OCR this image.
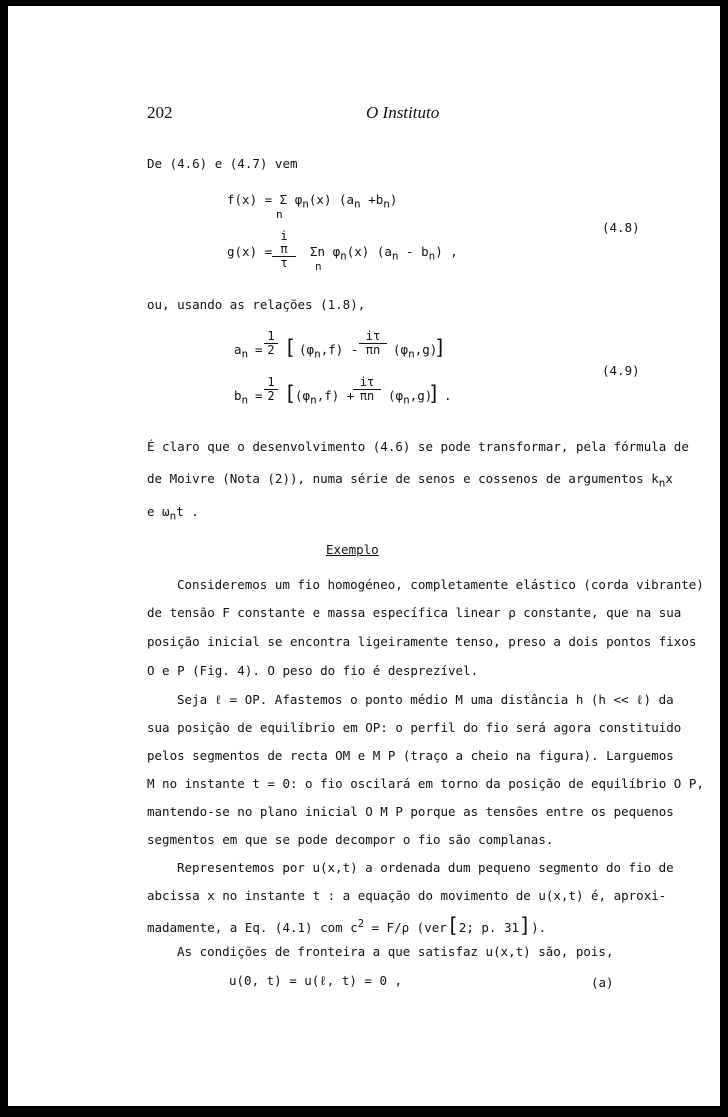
202	O Instituto
De (4.6) e (4.7) vem
f(x) = Σ $\varphi_n(x)$ $(a_n +b_n)$
n
(4.8)
$g(x) = \frac{\text{i π}}{\tau}$ Σn $\varphi_n(x)$ $(a_n - b_n)$ ,
n
ou, usando as relações (1.8),
$a_n = \frac{1}{2}$ [ $(\varphi_n,f) - \frac{i\tau}{\pi n} (\varphi_n,g)$
]
(4.9)
$b_n = \frac{1}{2}$ [
$(\varphi_n,f)$ +
$\frac{i\tau}{\pi n} (\varphi_n,g)$
] .
É claro que o desenvolvimento (4.6) se pode transformar, pela fórmula de
de Moivre (Nota (2)), numa série de senos e cossenos de argumentos $k_nx$
e $\omega_nt$ .
Exemplo
Consideremos um fio homogéneo, completamente elástico (corda vibrante)
de tensão F constante e massa específica linear ρ constante, que na sua
posição inicial se encontra ligeiramente tenso, preso a dois pontos fixos
O e P (Fig. 4). O peso do fio é desprezível.
Seja ℓ = OP. Afastemos o ponto médio M uma distância h (h << ℓ) da
sua posição de equilíbrio em OP: o perfil do fio será agora constituido
pelos segmentos de recta OM e M P (traço a cheio na figura). Larguemos
M no instante t = 0: o fio oscilará em torno da posição de equilíbrio O P,
mantendo-se no plano inicial O M P porque as tensões entre os pequenos
segmentos em que se pode decompor o fio são complanas.
Representemos por u(x,t) a ordenada dum pequeno segmento do fio de
abcissa x no instante t : a equação do movimento de u(x,t) é, aproxi-
madamente, a Eq. (4.1) com $c^2 = F/\rho$ (ver[2; p. 31]).
As condições de fronteira a que satisfaz u(x,t) são, pois,
u(0, t) = u(ℓ, t) = 0 ,	(a)
